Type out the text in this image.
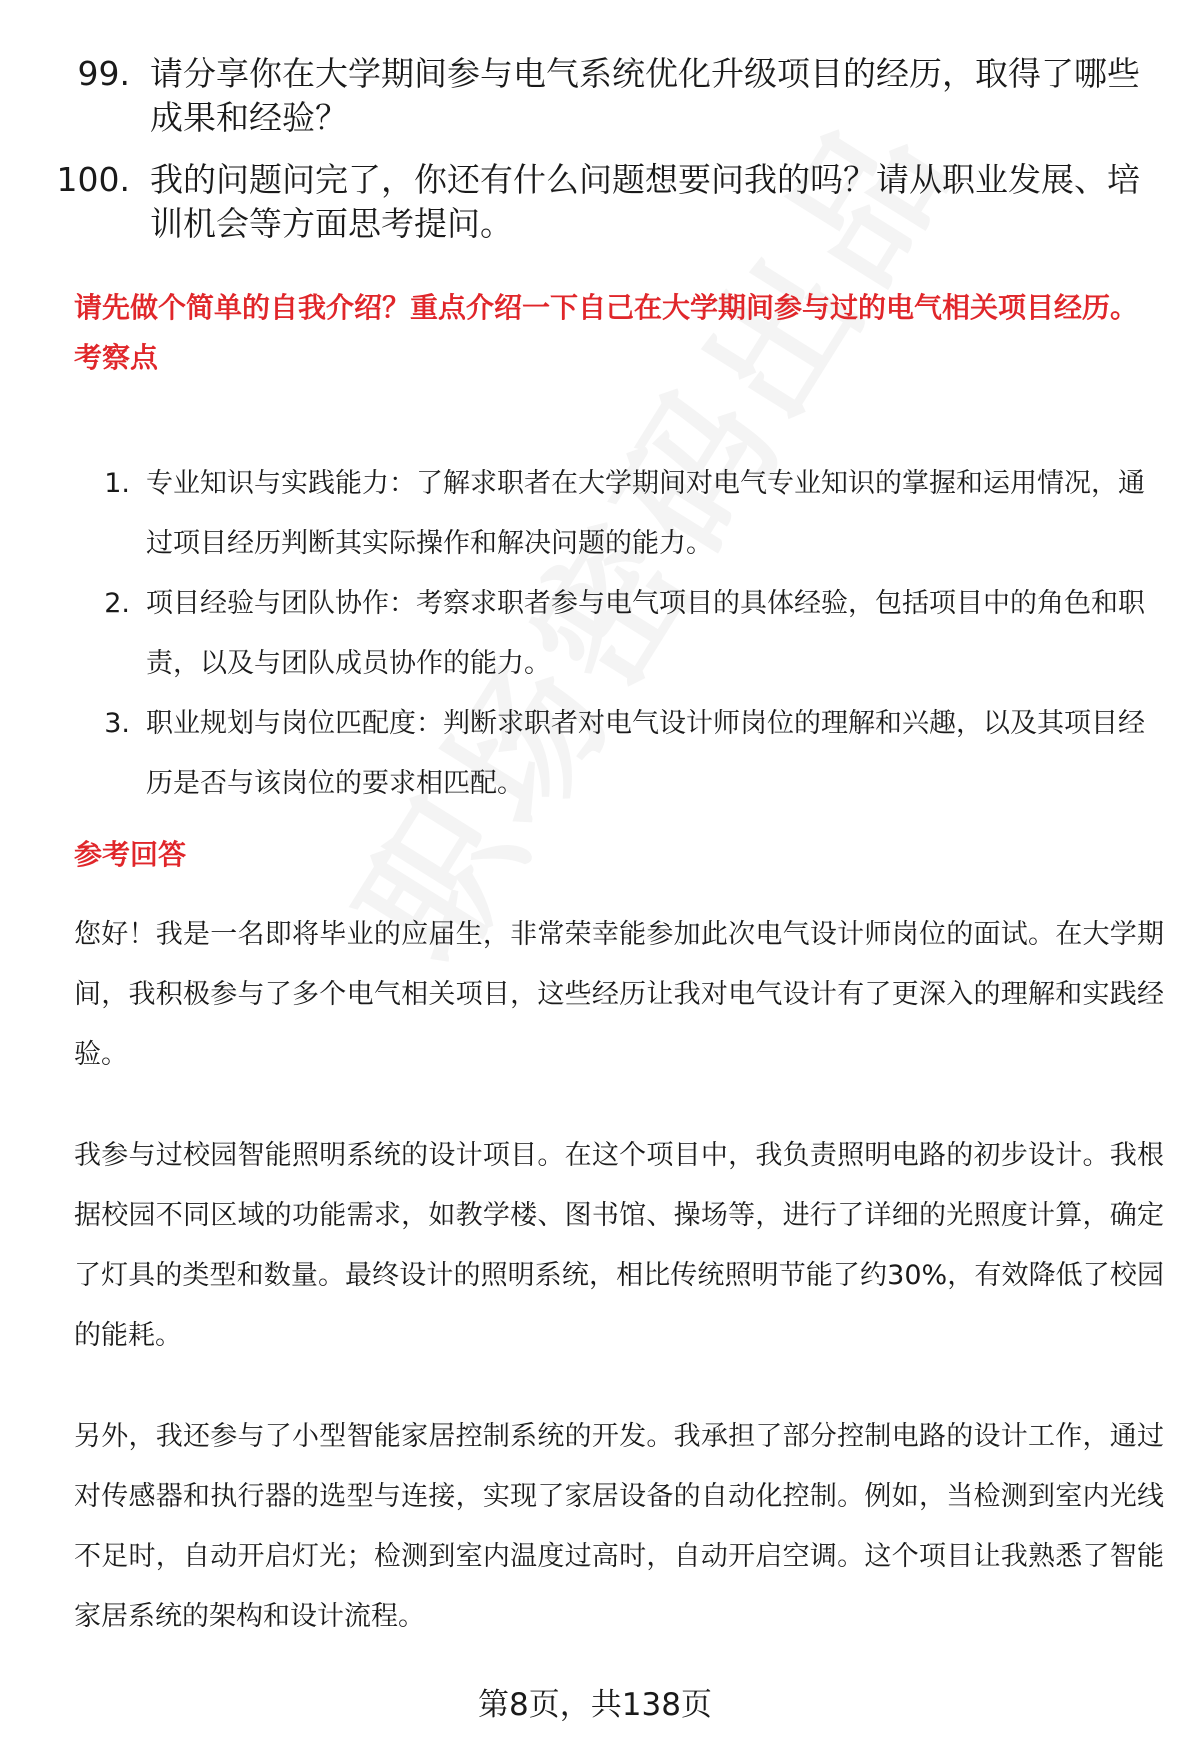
99. 请分享你在大学期间参与电气系统优化升级项目的经历，取得了哪些成果和经验？
100. 我的问题问完了，你还有什么问题想要问我的吗？请从职业发展、培训机会等方面思考提问。
请先做个简单的自我介绍？重点介绍一下自己在大学期间参与过的电气相关项目经历。
考察点
1. 专业知识与实践能力：了解求职者在大学期间对电气专业知识的掌握和运用情况，通过项目经历判断其实际操作和解决问题的能力。
2. 项目经验与团队协作：考察求职者参与电气项目的具体经验，包括项目中的角色和职责，以及与团队成员协作的能力。
3. 职业规划与岗位匹配度：判断求职者对电气设计师岗位的理解和兴趣，以及其项目经历是否与该岗位的要求相匹配。
参考回答

您好！我是一名即将毕业的应届生，非常荣幸能参加此次电气设计师岗位的面试。在大学期间，我积极参与了多个电气相关项目，这些经历让我对电气设计有了更深入的理解和实践经验。

我参与过校园智能照明系统的设计项目。在这个项目中，我负责照明电路的初步设计。我根据校园不同区域的功能需求，如教学楼、图书馆、操场等，进行了详细的光照度计算，确定了灯具的类型和数量。最终设计的照明系统，相比传统照明节能了约30%，有效降低了校园的能耗。

另外，我还参与了小型智能家居控制系统的开发。我承担了部分控制电路的设计工作，通过对传感器和执行器的选型与连接，实现了家居设备的自动化控制。例如，当检测到室内光线不足时，自动开启灯光；检测到室内温度过高时，自动开启空调。这个项目让我熟悉了智能家居系统的架构和设计流程。

第8页，共138页
